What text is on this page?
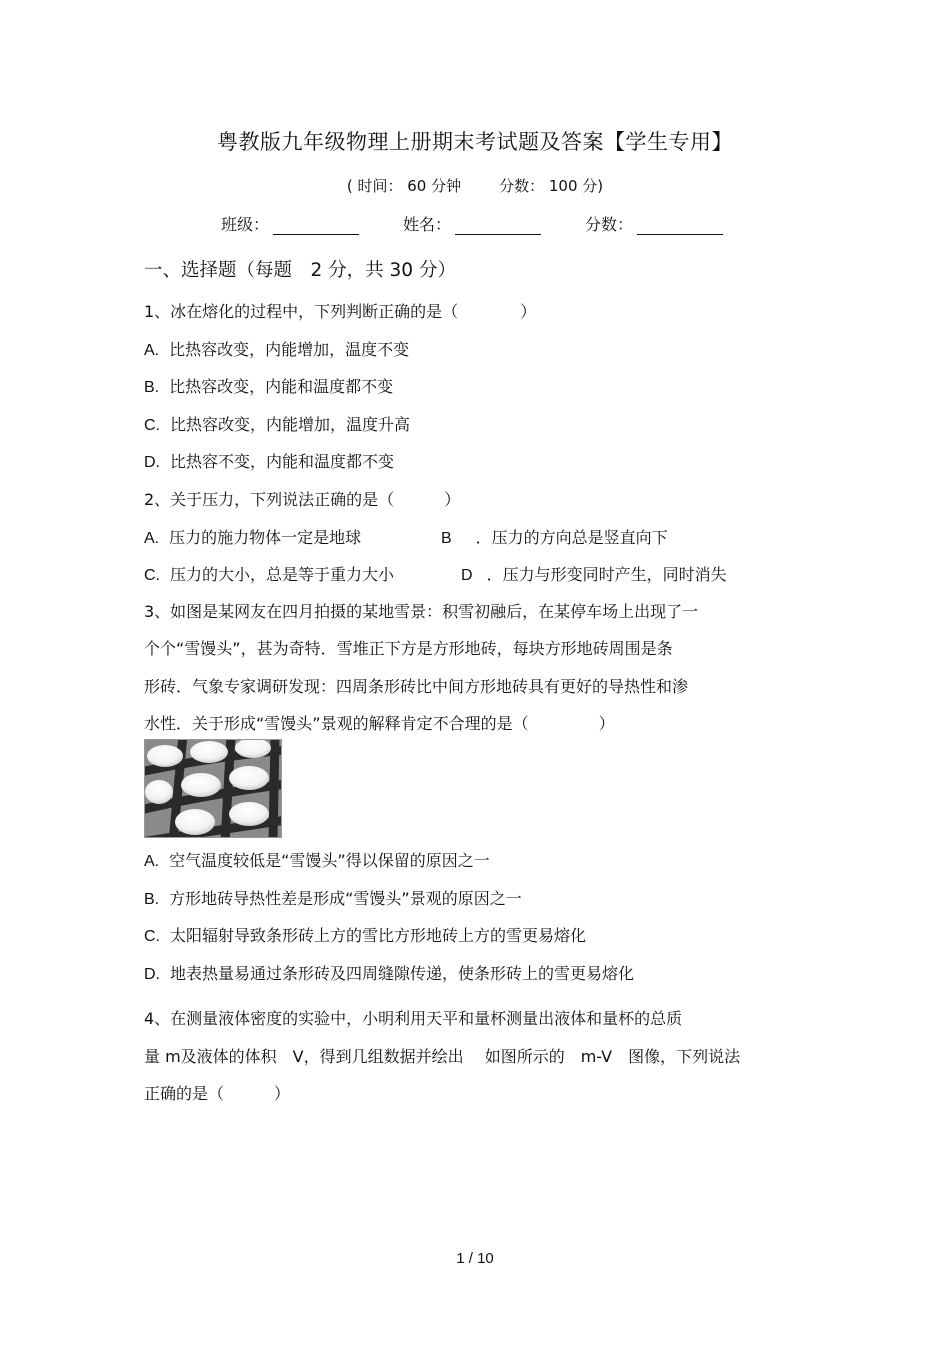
粤教版九年级物理上册期末考试题及答案【学生专用】
( 时间： 60 分钟	分数： 100 分)
班级：	姓名：	分数：
一、选择题（每题　2 分，共 30 分）
1、冰在熔化的过程中，下列判断正确的是（	）
A. 比热容改变，内能增加，温度不变
B. 比热容改变，内能和温度都不变
C. 比热容改变，内能增加，温度升高
D. 比热容不变，内能和温度都不变
2、关于压力，下列说法正确的是（	）
A. 压力的施力物体一定是地球	B ．压力的方向总是竖直向下
C. 压力的大小，总是等于重力大小	D ．压力与形变同时产生，同时消失
3、如图是某网友在四月拍摄的某地雪景：积雪初融后，在某停车场上出现了一
个个“雪馒头”，甚为奇特．雪堆正下方是方形地砖，每块方形地砖周围是条
形砖．气象专家调研发现：四周条形砖比中间方形地砖具有更好的导热性和渗
水性．关于形成“雪馒头”景观的解释肯定不合理的是（	）
A. 空气温度较低是“雪馒头”得以保留的原因之一
B. 方形地砖导热性差是形成“雪馒头”景观的原因之一
C. 太阳辐射导致条形砖上方的雪比方形地砖上方的雪更易熔化
D. 地表热量易通过条形砖及四周缝隙传递，使条形砖上的雪更易熔化
4、在测量液体密度的实验中，小明利用天平和量杯测量出液体和量杯的总质
量 m及液体的体积　V，得到几组数据并绘出　 如图所示的　m-V　图像，下列说法
正确的是（	）
1 / 10
